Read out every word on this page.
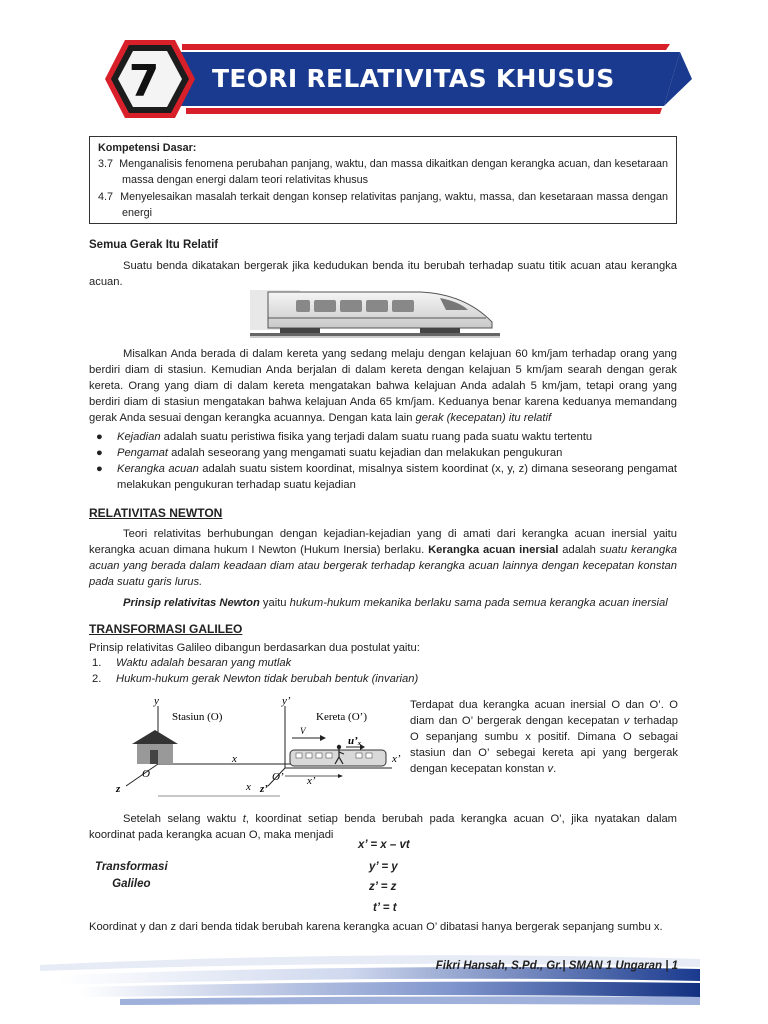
7	TEORI RELATIVITAS KHUSUS
Kompetensi Dasar:
3.7 Menganalisis fenomena perubahan panjang, waktu, dan massa dikaitkan dengan kerangka acuan, dan kesetaraan massa dengan energi dalam teori relativitas khusus
4.7 Menyelesaikan masalah terkait dengan konsep relativitas panjang, waktu, massa, dan kesetaraan massa dengan energi
Semua Gerak Itu Relatif
Suatu benda dikatakan bergerak jika kedudukan benda itu berubah terhadap suatu titik acuan atau kerangka acuan.
Misalkan Anda berada di dalam kereta yang sedang melaju dengan kelajuan 60 km/jam terhadap orang yang berdiri diam di stasiun. Kemudian Anda berjalan di dalam kereta dengan kelajuan 5 km/jam searah dengan gerak kereta. Orang yang diam di dalam kereta mengatakan bahwa kelajuan Anda adalah 5 km/jam, tetapi orang yang berdiri diam di stasiun mengatakan bahwa kelajuan Anda 65 km/jam. Keduanya benar karena keduanya memandang gerak Anda sesuai dengan kerangka acuannya. Dengan kata lain gerak (kecepatan) itu relatif
● Kejadian adalah suatu peristiwa fisika yang terjadi dalam suatu ruang pada suatu waktu tertentu
● Pengamat adalah seseorang yang mengamati suatu kejadian dan melakukan pengukuran
● Kerangka acuan adalah suatu sistem koordinat, misalnya sistem koordinat (x, y, z) dimana seseorang pengamat melakukan pengukuran terhadap suatu kejadian
RELATIVITAS NEWTON
Teori relativitas berhubungan dengan kejadian-kejadian yang di amati dari kerangka acuan inersial yaitu kerangka acuan dimana hukum I Newton (Hukum Inersia) berlaku. Kerangka acuan inersial adalah suatu kerangka acuan yang berada dalam keadaan diam atau bergerak terhadap kerangka acuan lainnya dengan kecepatan konstan pada suatu garis lurus.
Prinsip relativitas Newton yaitu hukum-hukum mekanika berlaku sama pada semua kerangka acuan inersial
TRANSFORMASI GALILEO
Prinsip relativitas Galileo dibangun berdasarkan dua postulat yaitu:
1. Waktu adalah besaran yang mutlak
2. Hukum-hukum gerak Newton tidak berubah bentuk (invarian)
y
Stasiun (O)
x
z
O
y’
Kereta (O’)
V
u’ₓ
x’
z’
O’ x’
x
Terdapat dua kerangka acuan inersial O dan O’. O diam dan O’ bergerak dengan kecepatan v terhadap O sepanjang sumbu x positif. Dimana O sebagai stasiun dan O’ sebegai kereta api yang bergerak dengan kecepatan konstan v.
Setelah selang waktu t, koordinat setiap benda berubah pada kerangka acuan O’, jika nyatakan dalam koordinat pada kerangka acuan O, maka menjadi
Transformasi
Galileo
x’ = x – vt
y’ = y
z’ = z
t’ = t
Koordinat y dan z dari benda tidak berubah karena kerangka acuan O’ dibatasi hanya bergerak sepanjang sumbu x.
Fikri Hansah, S.Pd., Gr.| SMAN 1 Ungaran | 1
